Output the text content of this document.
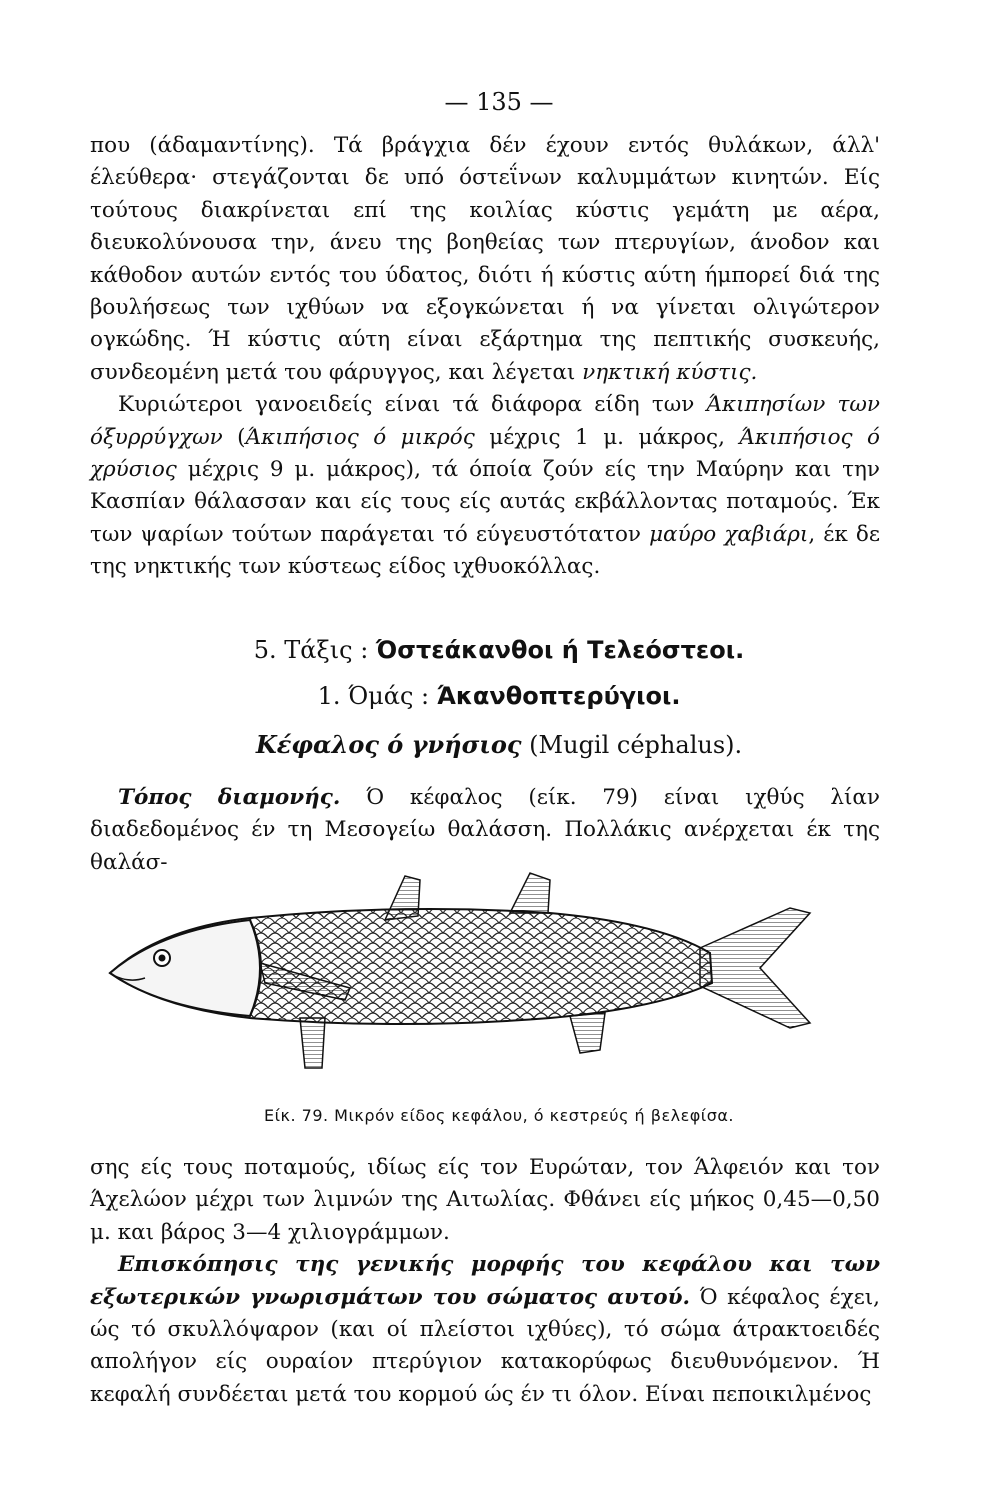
— 135 —

που (άδαμαντίνης). Τά βράγχια δέν έχουν εντός θυλάκων, άλλ' έλεύθερα· στεγάζονται δε υπό όστεΐνων καλυμμάτων κινητών. Είς τούτους διακρίνεται επί της κοιλίας κύστις γεμάτη με αέρα, διευκολύνουσα την, άνευ της βοηθείας των πτερυγίων, άνοδον και κάθοδον αυτών εντός του ύδατος, διότι ή κύστις αύτη ήμπορεί διά της βουλήσεως των ιχθύων να εξογκώνεται ή να γίνεται ολιγώτερον ογκώδης. Ή κύστις αύτη είναι εξάρτημα της πεπτικής συσκευής, συνδεομένη μετά του φάρυγγος, και λέγεται νηκτική κύστις.

Κυριώτεροι γανοειδείς είναι τά διάφορα είδη των Άκιπησίων των όξυρρύγχων (Άκιπήσιος ό μικρός μέχρις 1 μ. μάκρος, Άκιπήσιος ό χρύσιος μέχρις 9 μ. μάκρος), τά όποία ζούν είς την Μαύρην και την Κασπίαν θάλασσαν και είς τους είς αυτάς εκβάλλοντας ποταμούς. Έκ των ψαρίων τούτων παράγεται τό εύγευστότατον μαύρο χαβιάρι, έκ δε της νηκτικής των κύστεως είδος ιχθυοκόλλας.

5. Τάξις : Όστεάκανθοι ή Τελεόστεοι.
1. Όμάς : Άκανθοπτερύγιοι.
Κέφαλος ό γνήσιος (Mugil céphalus).
Τόπος διαμονής. Ό κέφαλος (είκ. 79) είναι ιχθύς λίαν διαδεδομένος έν τη Μεσογείω θαλάσση. Πολλάκις ανέρχεται έκ της θαλάσ-
Είκ. 79. Μικρόν είδος κεφάλου, ό κεστρεύς ή βελεφίσα.

σης είς τους ποταμούς, ιδίως είς τον Ευρώταν, τον Άλφειόν και τον Άχελώον μέχρι των λιμνών της Αιτωλίας. Φθάνει είς μήκος 0,45—0,50 μ. και βάρος 3—4 χιλιογράμμων.

Επισκόπησις της γενικής μορφής του κεφάλου και των εξωτερικών γνωρισμάτων του σώματος αυτού. Ό κέφαλος έχει, ώς τό σκυλλόψαρον (και οί πλείστοι ιχθύες), τό σώμα άτρακτοειδές απολήγον είς ουραίον πτερύγιον κατακορύφως διευθυνόμενον. Ή κεφαλή συνδέεται μετά του κορμού ώς έν τι όλον. Είναι πεποικιλμένος
